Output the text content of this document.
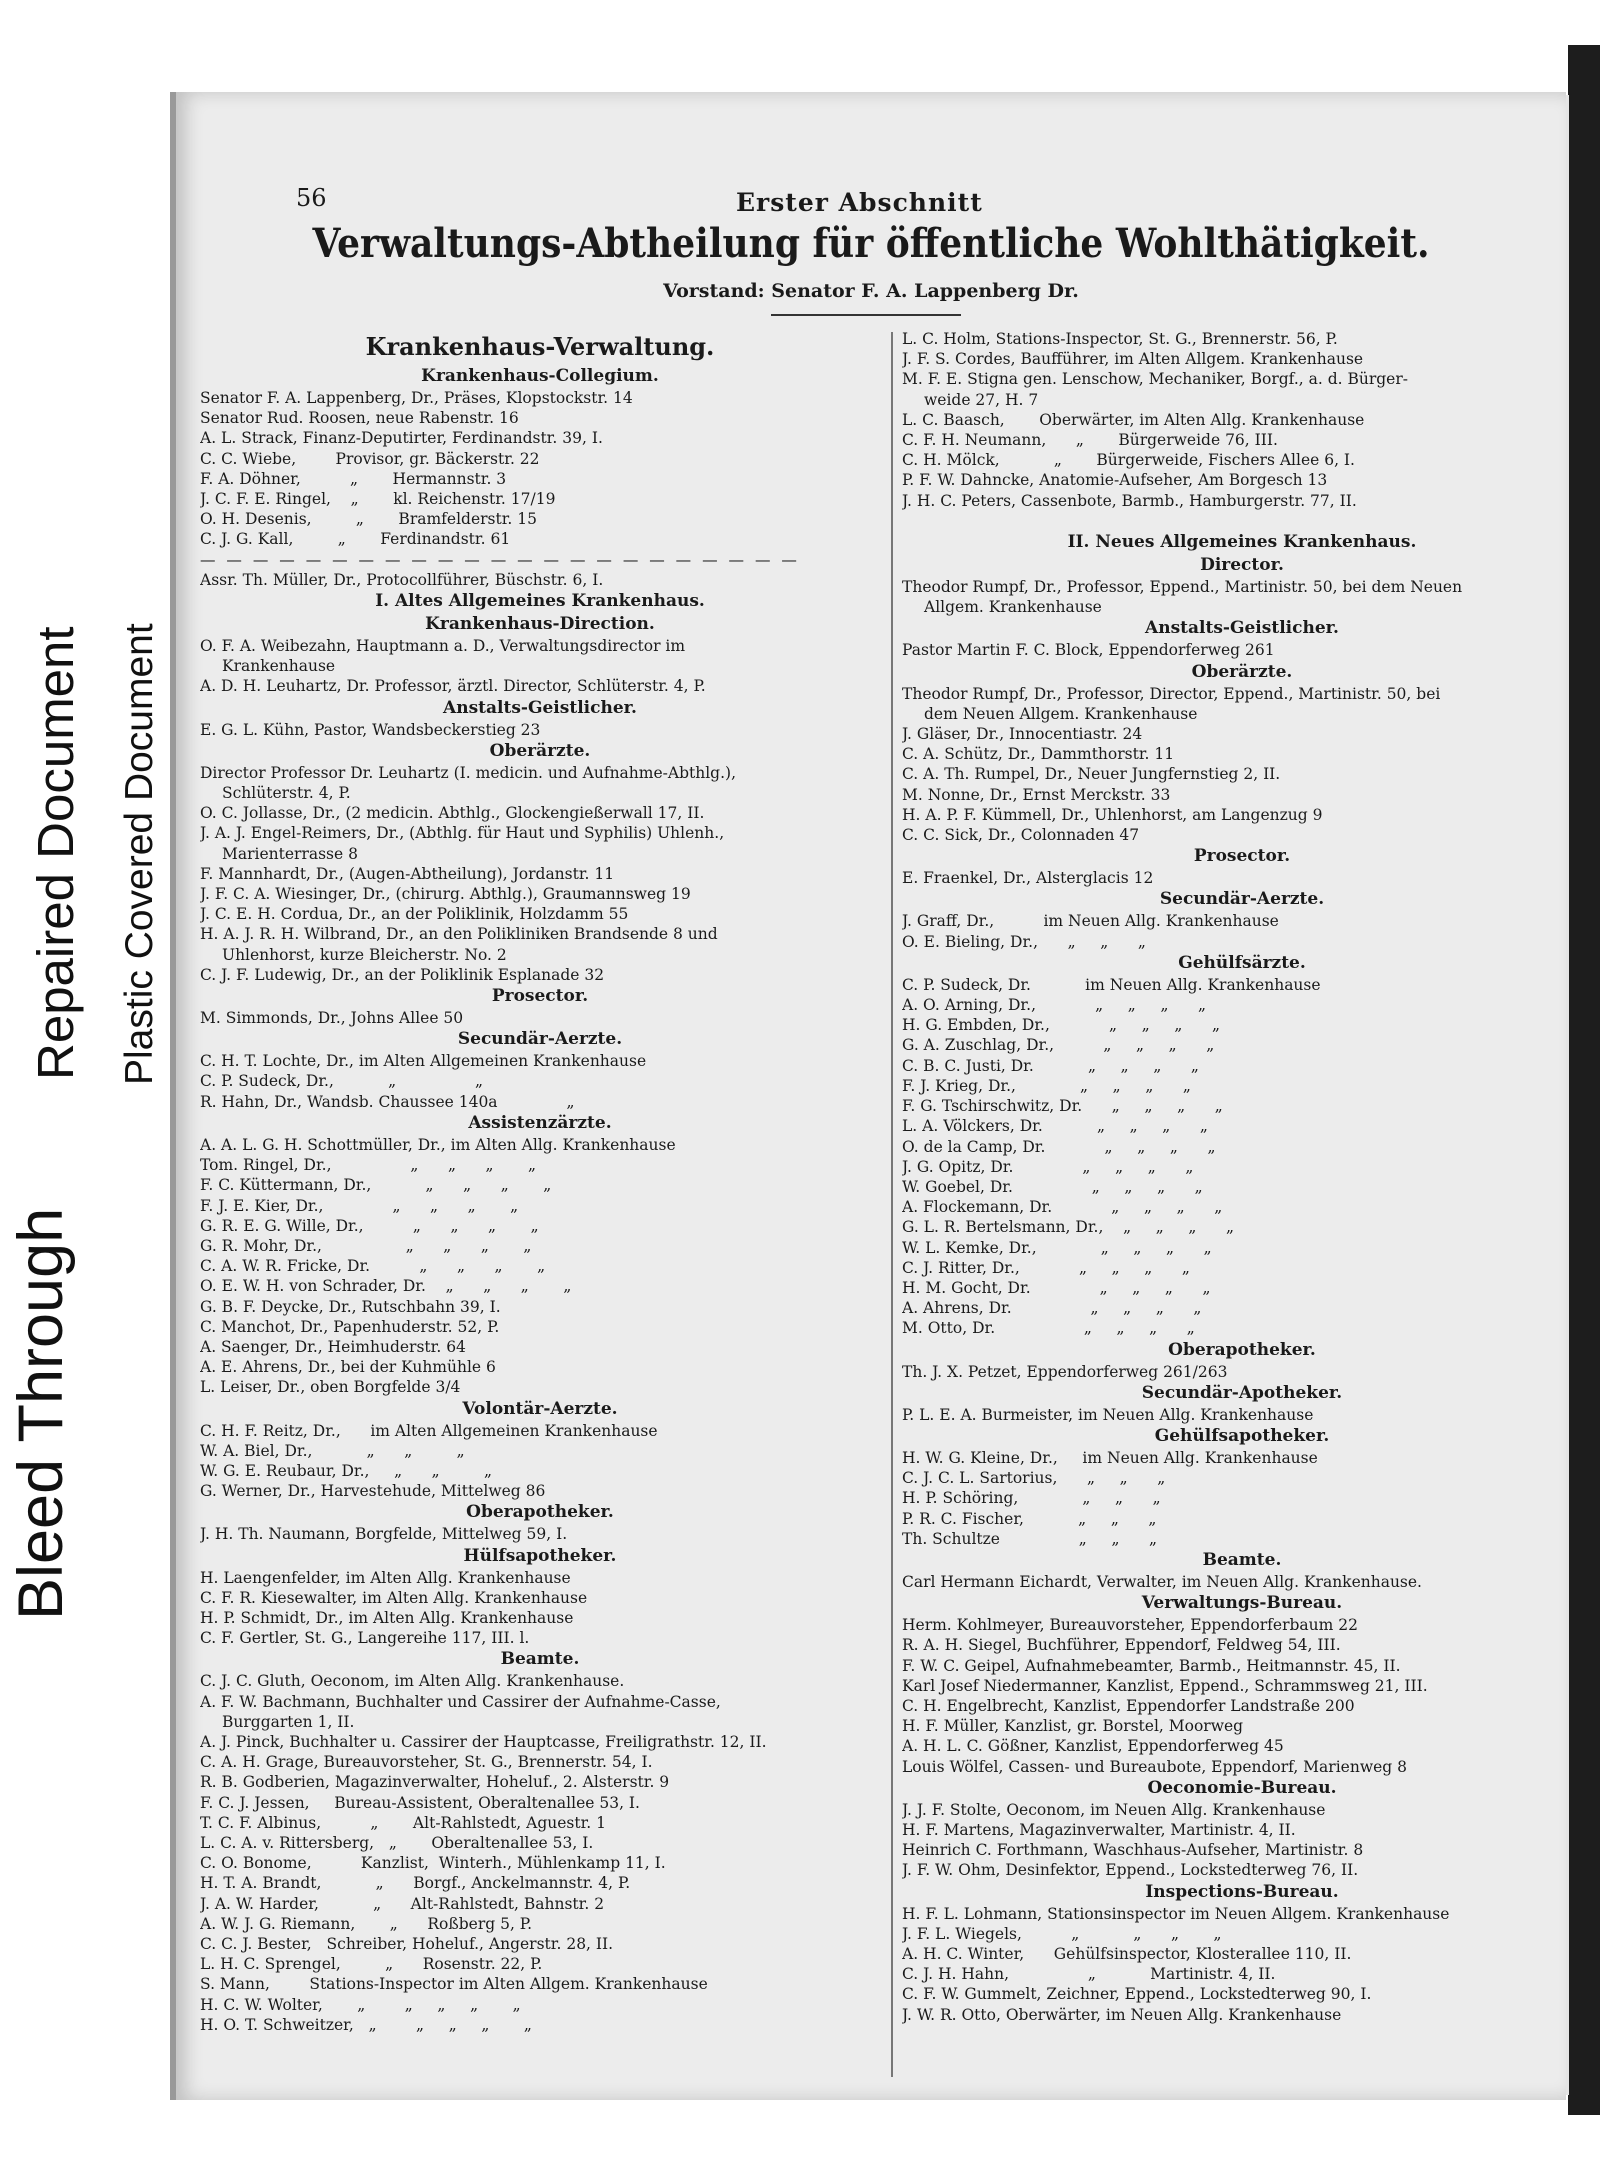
Bleed Through
Repaired Document Plastic Covered Document
56	Erster Abschnitt
Verwaltungs-Abtheilung für öffentliche Wohlthätigkeit.
Vorstand: Senator F. A. Lappenberg Dr.
Krankenhaus-Verwaltung.
Krankenhaus-Collegium.
Senator F. A. Lappenberg, Dr., Präses, Klopstockstr. 14
Senator Rud. Roosen, neue Rabenstr. 16
A. L. Strack, Finanz-Deputirter, Ferdinandstr. 39, I.
C. C. Wiebe,        Provisor, gr. Bäckerstr. 22
F. A. Döhner,          „       Hermannstr. 3
J. C. F. E. Ringel,    „       kl. Reichenstr. 17/19
O. H. Desenis,         „       Bramfelderstr. 15
C. J. G. Kall,         „       Ferdinandstr. 61
— — — — — — — — — — — — — — — — — — — — — — —
Assr. Th. Müller, Dr., Protocollführer, Büschstr. 6, I.
I. Altes Allgemeines Krankenhaus.
Krankenhaus-Direction.
O. F. A. Weibezahn, Hauptmann a. D., Verwaltungsdirector im
Krankenhause
A. D. H. Leuhartz, Dr. Professor, ärztl. Director, Schlüterstr. 4, P.
Anstalts-Geistlicher.
E. G. L. Kühn, Pastor, Wandsbeckerstieg 23
Oberärzte.
Director Professor Dr. Leuhartz (I. medicin. und Aufnahme-Abthlg.),
Schlüterstr. 4, P.
O. C. Jollasse, Dr., (2 medicin. Abthlg., Glockengießerwall 17, II.
J. A. J. Engel-Reimers, Dr., (Abthlg. für Haut und Syphilis) Uhlenh.,
Marienterrasse 8
F. Mannhardt, Dr., (Augen-Abtheilung), Jordanstr. 11
J. F. C. A. Wiesinger, Dr., (chirurg. Abthlg.), Graumannsweg 19
J. C. E. H. Cordua, Dr., an der Poliklinik, Holzdamm 55
H. A. J. R. H. Wilbrand, Dr., an den Polikliniken Brandsende 8 und
Uhlenhorst, kurze Bleicherstr. No. 2
C. J. F. Ludewig, Dr., an der Poliklinik Esplanade 32
Prosector.
M. Simmonds, Dr., Johns Allee 50
Secundär-Aerzte.
C. H. T. Lochte, Dr., im Alten Allgemeinen Krankenhause
C. P. Sudeck, Dr.,           „                „
R. Hahn, Dr., Wandsb. Chaussee 140a              „
Assistenzärzte.
A. A. L. G. H. Schottmüller, Dr., im Alten Allg. Krankenhause
Tom. Ringel, Dr.,                „      „      „       „
F. C. Küttermann, Dr.,           „      „      „       „
F. J. E. Kier, Dr.,              „      „      „       „
G. R. E. G. Wille, Dr.,          „      „      „       „
G. R. Mohr, Dr.,                 „      „      „       „
C. A. W. R. Fricke, Dr.          „      „      „       „
O. E. W. H. von Schrader, Dr.    „      „      „       „
G. B. F. Deycke, Dr., Rutschbahn 39, I.
C. Manchot, Dr., Papenhuderstr. 52, P.
A. Saenger, Dr., Heimhuderstr. 64
A. E. Ahrens, Dr., bei der Kuhmühle 6
L. Leiser, Dr., oben Borgfelde 3/4
Volontär-Aerzte.
C. H. F. Reitz, Dr.,      im Alten Allgemeinen Krankenhause
W. A. Biel, Dr.,           „      „         „
W. G. E. Reubaur, Dr.,     „      „         „
G. Werner, Dr., Harvestehude, Mittelweg 86
Oberapotheker.
J. H. Th. Naumann, Borgfelde, Mittelweg 59, I.
Hülfsapotheker.
H. Laengenfelder, im Alten Allg. Krankenhause
C. F. R. Kiesewalter, im Alten Allg. Krankenhause
H. P. Schmidt, Dr., im Alten Allg. Krankenhause
C. F. Gertler, St. G., Langereihe 117, III. l.
Beamte.
C. J. C. Gluth, Oeconom, im Alten Allg. Krankenhause.
A. F. W. Bachmann, Buchhalter und Cassirer der Aufnahme-Casse,
Burggarten 1, II.
A. J. Pinck, Buchhalter u. Cassirer der Hauptcasse, Freiligrathstr. 12, II.
C. A. H. Grage, Bureauvorsteher, St. G., Brennerstr. 54, I.
R. B. Godberien, Magazinverwalter, Hoheluf., 2. Alsterstr. 9
F. C. J. Jessen,     Bureau-Assistent, Oberaltenallee 53, I.
T. C. F. Albinus,          „       Alt-Rahlstedt, Aguestr. 1
L. C. A. v. Rittersberg,   „       Oberaltenallee 53, I.
C. O. Bonome,          Kanzlist,  Winterh., Mühlenkamp 11, I.
H. T. A. Brandt,           „      Borgf., Anckelmannstr. 4, P.
J. A. W. Harder,           „      Alt-Rahlstedt, Bahnstr. 2
A. W. J. G. Riemann,       „      Roßberg 5, P.
C. C. J. Bester,   Schreiber, Hoheluf., Angerstr. 28, II.
L. H. C. Sprengel,         „      Rosenstr. 22, P.
S. Mann,        Stations-Inspector im Alten Allgem. Krankenhause
H. C. W. Wolter,       „        „     „     „       „
H. O. T. Schweitzer,   „        „     „     „       „
L. C. Holm, Stations-Inspector, St. G., Brennerstr. 56, P.
J. F. S. Cordes, Baufführer, im Alten Allgem. Krankenhause
M. F. E. Stigna gen. Lenschow, Mechaniker, Borgf., a. d. Bürger-
weide 27, H. 7
L. C. Baasch,       Oberwärter, im Alten Allg. Krankenhause
C. F. H. Neumann,      „       Bürgerweide 76, III.
C. H. Mölck,           „       Bürgerweide, Fischers Allee 6, I.
P. F. W. Dahncke, Anatomie-Aufseher, Am Borgesch 13
J. H. C. Peters, Cassenbote, Barmb., Hamburgerstr. 77, II.

II. Neues Allgemeines Krankenhaus.
Director.
Theodor Rumpf, Dr., Professor, Eppend., Martinistr. 50, bei dem Neuen
Allgem. Krankenhause
Anstalts-Geistlicher.
Pastor Martin F. C. Block, Eppendorferweg 261
Oberärzte.
Theodor Rumpf, Dr., Professor, Director, Eppend., Martinistr. 50, bei
dem Neuen Allgem. Krankenhause
J. Gläser, Dr., Innocentiastr. 24
C. A. Schütz, Dr., Dammthorstr. 11
C. A. Th. Rumpel, Dr., Neuer Jungfernstieg 2, II.
M. Nonne, Dr., Ernst Merckstr. 33
H. A. P. F. Kümmell, Dr., Uhlenhorst, am Langenzug 9
C. C. Sick, Dr., Colonnaden 47
Prosector.
E. Fraenkel, Dr., Alsterglacis 12
Secundär-Aerzte.
J. Graff, Dr.,          im Neuen Allg. Krankenhause
O. E. Bieling, Dr.,      „     „      „
Gehülfsärzte.
C. P. Sudeck, Dr.           im Neuen Allg. Krankenhause
A. O. Arning, Dr.,            „     „     „      „
H. G. Embden, Dr.,            „     „     „      „
G. A. Zuschlag, Dr.,          „     „     „      „
C. B. C. Justi, Dr.           „     „     „      „
F. J. Krieg, Dr.,             „     „     „      „
F. G. Tschirschwitz, Dr.      „     „     „      „
L. A. Völckers, Dr.           „     „     „      „
O. de la Camp, Dr.            „     „     „      „
J. G. Opitz, Dr.              „     „     „      „
W. Goebel, Dr.                „     „     „      „
A. Flockemann, Dr.            „     „     „      „
G. L. R. Bertelsmann, Dr.,    „     „     „      „
W. L. Kemke, Dr.,             „     „     „      „
C. J. Ritter, Dr.,            „     „     „      „
H. M. Gocht, Dr.              „     „     „      „
A. Ahrens, Dr.                „     „     „      „
M. Otto, Dr.                  „     „     „      „
Oberapotheker.
Th. J. X. Petzet, Eppendorferweg 261/263
Secundär-Apotheker.
P. L. E. A. Burmeister, im Neuen Allg. Krankenhause
Gehülfsapotheker.
H. W. G. Kleine, Dr.,     im Neuen Allg. Krankenhause
C. J. C. L. Sartorius,      „     „      „
H. P. Schöring,             „     „      „
P. R. C. Fischer,           „     „      „
Th. Schultze                „     „      „
Beamte.
Carl Hermann Eichardt, Verwalter, im Neuen Allg. Krankenhause.
Verwaltungs-Bureau.
Herm. Kohlmeyer, Bureauvorsteher, Eppendorferbaum 22
R. A. H. Siegel, Buchführer, Eppendorf, Feldweg 54, III.
F. W. C. Geipel, Aufnahmebeamter, Barmb., Heitmannstr. 45, II.
Karl Josef Niedermanner, Kanzlist, Eppend., Schrammsweg 21, III.
C. H. Engelbrecht, Kanzlist, Eppendorfer Landstraße 200
H. F. Müller, Kanzlist, gr. Borstel, Moorweg
A. H. L. C. Gößner, Kanzlist, Eppendorferweg 45
Louis Wölfel, Cassen- und Bureaubote, Eppendorf, Marienweg 8
Oeconomie-Bureau.
J. J. F. Stolte, Oeconom, im Neuen Allg. Krankenhause
H. F. Martens, Magazinverwalter, Martinistr. 4, II.
Heinrich C. Forthmann, Waschhaus-Aufseher, Martinistr. 8
J. F. W. Ohm, Desinfektor, Eppend., Lockstedterweg 76, II.
Inspections-Bureau.
H. F. L. Lohmann, Stationsinspector im Neuen Allgem. Krankenhause
J. F. L. Wiegels,          „           „      „       „
A. H. C. Winter,      Gehülfsinspector, Klosterallee 110, II.
C. J. H. Hahn,                „           Martinistr. 4, II.
C. F. W. Gummelt, Zeichner, Eppend., Lockstedterweg 90, I.
J. W. R. Otto, Oberwärter, im Neuen Allg. Krankenhause
